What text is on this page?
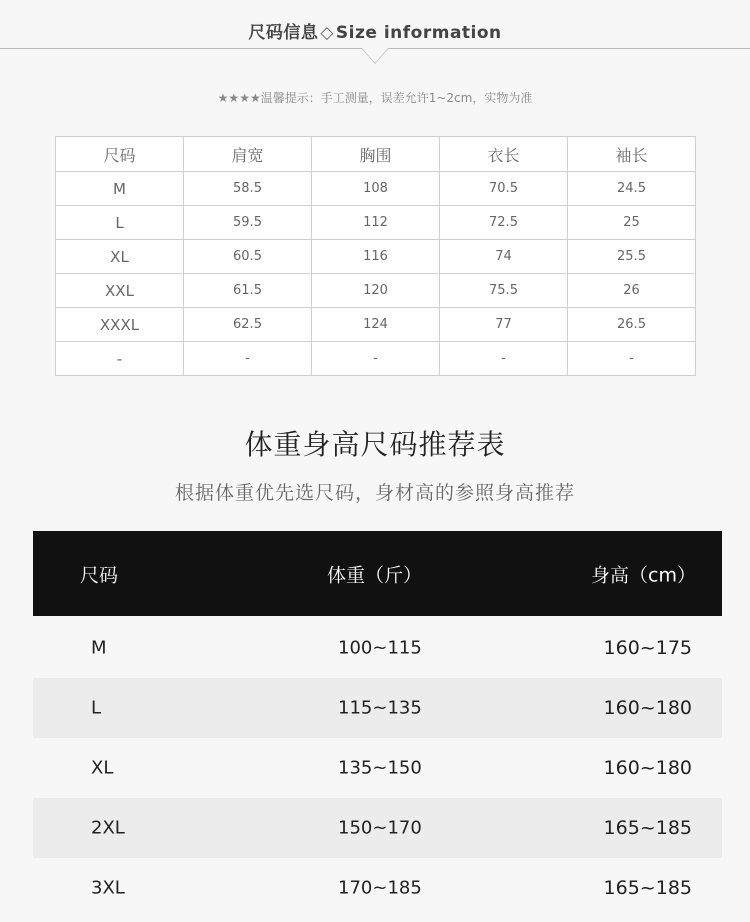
尺码信息 ◇ Size information
★★★★温馨提示：手工测量，误差允许1~2cm，实物为准
尺码	肩宽	胸围	衣长	袖长
M	58.5	108	70.5	24.5
L	59.5	112	72.5	25
XL	60.5	116	74	25.5
XXL	61.5	120	75.5	26
XXXL	62.5	124	77	26.5
-	-	-	-	-
体重身高尺码推荐表
根据体重优先选尺码，身材高的参照身高推荐
尺码	体重（斤）	身高（cm）
M	100~115	160~175
L	115~135	160~180
XL	135~150	160~180
2XL	150~170	165~185
3XL	170~185	165~185
